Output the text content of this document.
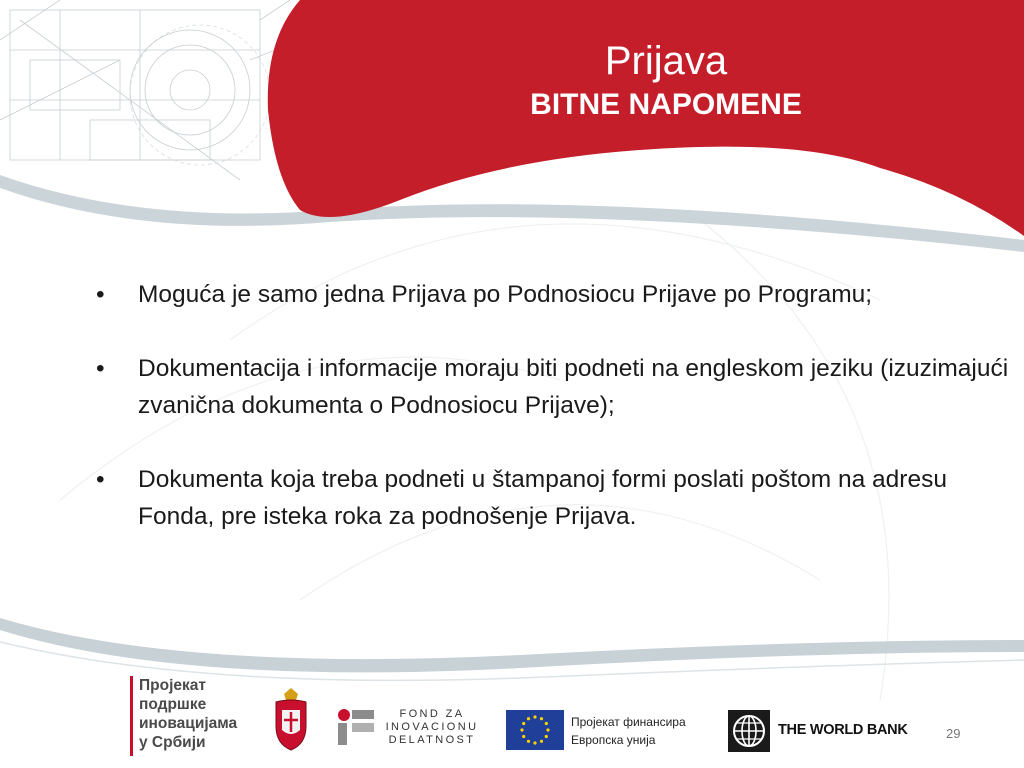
Prijava
BITNE NAPOMENE
• Moguća je samo jedna Prijava po Podnosiocu Prijave po Programu;
• Dokumentacija i informacije moraju biti podneti na engleskom jeziku (izuzimajući zvanična dokumenta o Podnosiocu Prijave);
• Dokumenta koja treba podneti u štampanoj formi poslati poštom na adresu Fonda, pre isteka roka za podnošenje Prijava.
Пројекат
подршке
иновацијама
у Србији
FOND ZA
INOVACIONU
DELATNOST
Пројекат финансира
Европска унија
THE WORLD BANK	29
